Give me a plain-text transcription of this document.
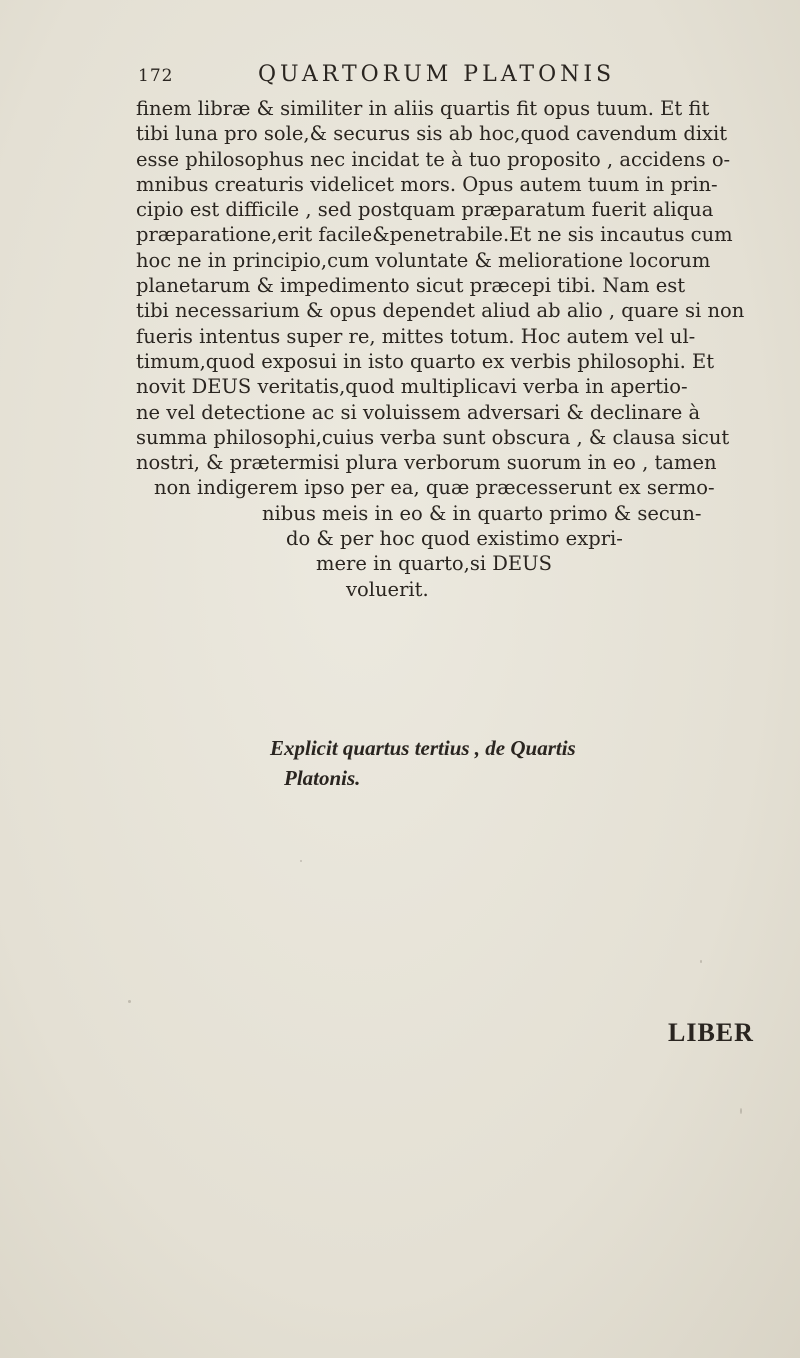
172	QUARTORUM PLATONIS
finem libræ & similiter in aliis quartis fit opus tuum. Et fit
tibi luna pro sole,& securus sis ab hoc,quod cavendum dixit
esse philosophus nec incidat te à tuo proposito , accidens o-
mnibus creaturis videlicet mors. Opus autem tuum in prin-
cipio est difficile , sed postquam præparatum fuerit aliqua
præparatione,erit facile&penetrabile.Et ne sis incautus cum
hoc ne in principio,cum voluntate & melioratione locorum
planetarum & impedimento sicut præcepi tibi. Nam est
tibi necessarium & opus dependet aliud ab alio , quare si non
fueris intentus super re, mittes totum. Hoc autem vel ul-
timum,quod exposui in isto quarto ex verbis philosophi. Et
novit DEUS veritatis,quod multiplicavi verba in apertio-
ne vel detectione ac si voluissem adversari & declinare à
summa philosophi,cuius verba sunt obscura , & clausa sicut
nostri, & prætermisi plura verborum suorum in eo , tamen
non indigerem ipso per ea, quæ præcesserunt ex sermo-
nibus meis in eo & in quarto primo & secun-
do & per hoc quod existimo expri-
mere in quarto,si DEUS
voluerit.
Explicit quartus tertius , de Quartis
Platonis.
LIBER
